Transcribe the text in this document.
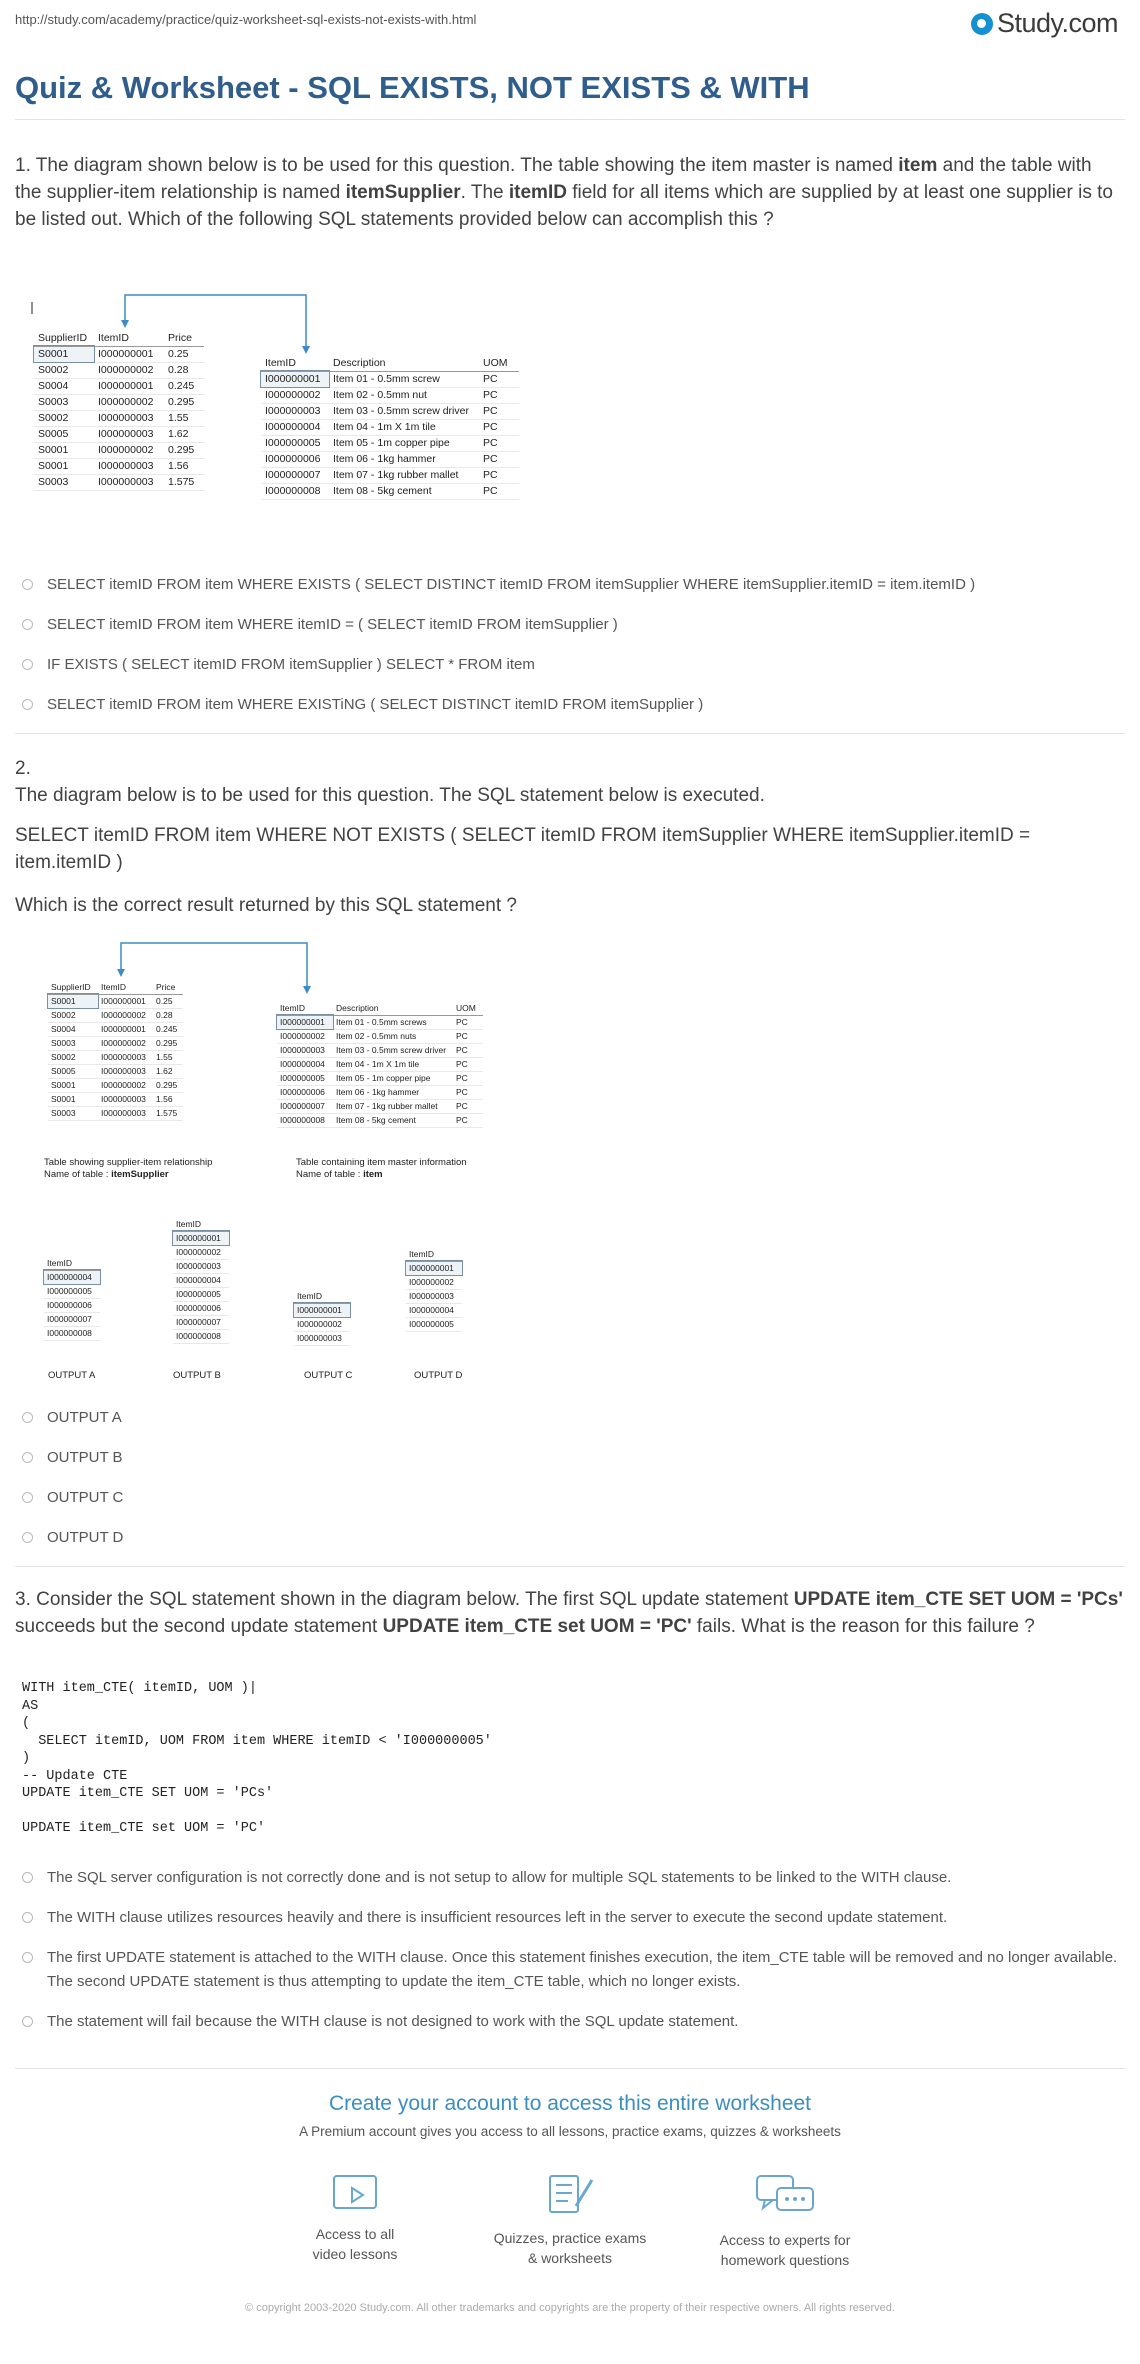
http://study.com/academy/practice/quiz-worksheet-sql-exists-not-exists-with.html	Study.com
Quiz & Worksheet - SQL EXISTS, NOT EXISTS & WITH
1. The diagram shown below is to be used for this question. The table showing the item master is named item and the table with the supplier-item relationship is named itemSupplier. The itemID field for all items which are supplied by at least one supplier is to be listed out. Which of the following SQL statements provided below can accomplish this ?
SupplierID	ItemID	Price
S0001	I000000001	0.25
S0002	I000000002	0.28
S0004	I000000001	0.245
S0003	I000000002	0.295
S0002	I000000003	1.55
S0005	I000000003	1.62
S0001	I000000002	0.295
S0001	I000000003	1.56
S0003	I000000003	1.575
ItemID	Description	UOM
I000000001	Item 01 - 0.5mm screw	PC
I000000002	Item 02 - 0.5mm nut	PC
I000000003	Item 03 - 0.5mm screw driver	PC
I000000004	Item 04 - 1m X 1m tile	PC
I000000005	Item 05 - 1m copper pipe	PC
I000000006	Item 06 - 1kg hammer	PC
I000000007	Item 07 - 1kg rubber mallet	PC
I000000008	Item 08 - 5kg cement	PC
SELECT itemID FROM item WHERE EXISTS ( SELECT DISTINCT itemID FROM itemSupplier WHERE itemSupplier.itemID = item.itemID )
SELECT itemID FROM item WHERE itemID = ( SELECT itemID FROM itemSupplier )
IF EXISTS ( SELECT itemID FROM itemSupplier ) SELECT * FROM item
SELECT itemID FROM item WHERE EXISTiNG ( SELECT DISTINCT itemID FROM itemSupplier )
2.
The diagram below is to be used for this question. The SQL statement below is executed.
SELECT itemID FROM item WHERE NOT EXISTS ( SELECT itemID FROM itemSupplier WHERE itemSupplier.itemID = item.itemID )
Which is the correct result returned by this SQL statement ?
SupplierID	ItemID	Price
S0001	I000000001	0.25
S0002	I000000002	0.28
S0004	I000000001	0.245
S0003	I000000002	0.295
S0002	I000000003	1.55
S0005	I000000003	1.62
S0001	I000000002	0.295
S0001	I000000003	1.56
S0003	I000000003	1.575
ItemID	Description	UOM
I000000001	Item 01 - 0.5mm screws	PC
I000000002	Item 02 - 0.5mm nuts	PC
I000000003	Item 03 - 0.5mm screw driver	PC
I000000004	Item 04 - 1m X 1m tile	PC
I000000005	Item 05 - 1m copper pipe	PC
I000000006	Item 06 - 1kg hammer	PC
I000000007	Item 07 - 1kg rubber mallet	PC
I000000008	Item 08 - 5kg cement	PC
Table showing supplier-item relationship
Name of table : itemSupplier
Table containing item master information
Name of table : item
ItemID
I000000004
I000000005
I000000006
I000000007
I000000008
ItemID
I000000001
I000000002
I000000003
I000000004
I000000005
I000000006
I000000007
I000000008
ItemID
I000000001
I000000002
I000000003
ItemID
I000000001
I000000002
I000000003
I000000004
I000000005
OUTPUT A	OUTPUT B	OUTPUT C	OUTPUT D
OUTPUT A
OUTPUT B
OUTPUT C
OUTPUT D
3. Consider the SQL statement shown in the diagram below. The first SQL update statement UPDATE item_CTE SET UOM = 'PCs' succeeds but the second update statement UPDATE item_CTE set UOM = 'PC' fails. What is the reason for this failure ?
WITH item_CTE( itemID, UOM )|
AS
(
SELECT itemID, UOM FROM item WHERE itemID < 'I000000005'
)
-- Update CTE
UPDATE item_CTE SET UOM = 'PCs'

UPDATE item_CTE set UOM = 'PC'
The SQL server configuration is not correctly done and is not setup to allow for multiple SQL statements to be linked to the WITH clause.
The WITH clause utilizes resources heavily and there is insufficient resources left in the server to execute the second update statement.
The first UPDATE statement is attached to the WITH clause. Once this statement finishes execution, the item_CTE table will be removed and no longer available. The second UPDATE statement is thus attempting to update the item_CTE table, which no longer exists.
The statement will fail because the WITH clause is not designed to work with the SQL update statement.
Create your account to access this entire worksheet
A Premium account gives you access to all lessons, practice exams, quizzes & worksheets
Access to all
video lessons
Quizzes, practice exams
& worksheets
Access to experts for
homework questions
© copyright 2003-2020 Study.com. All other trademarks and copyrights are the property of their respective owners. All rights reserved.
